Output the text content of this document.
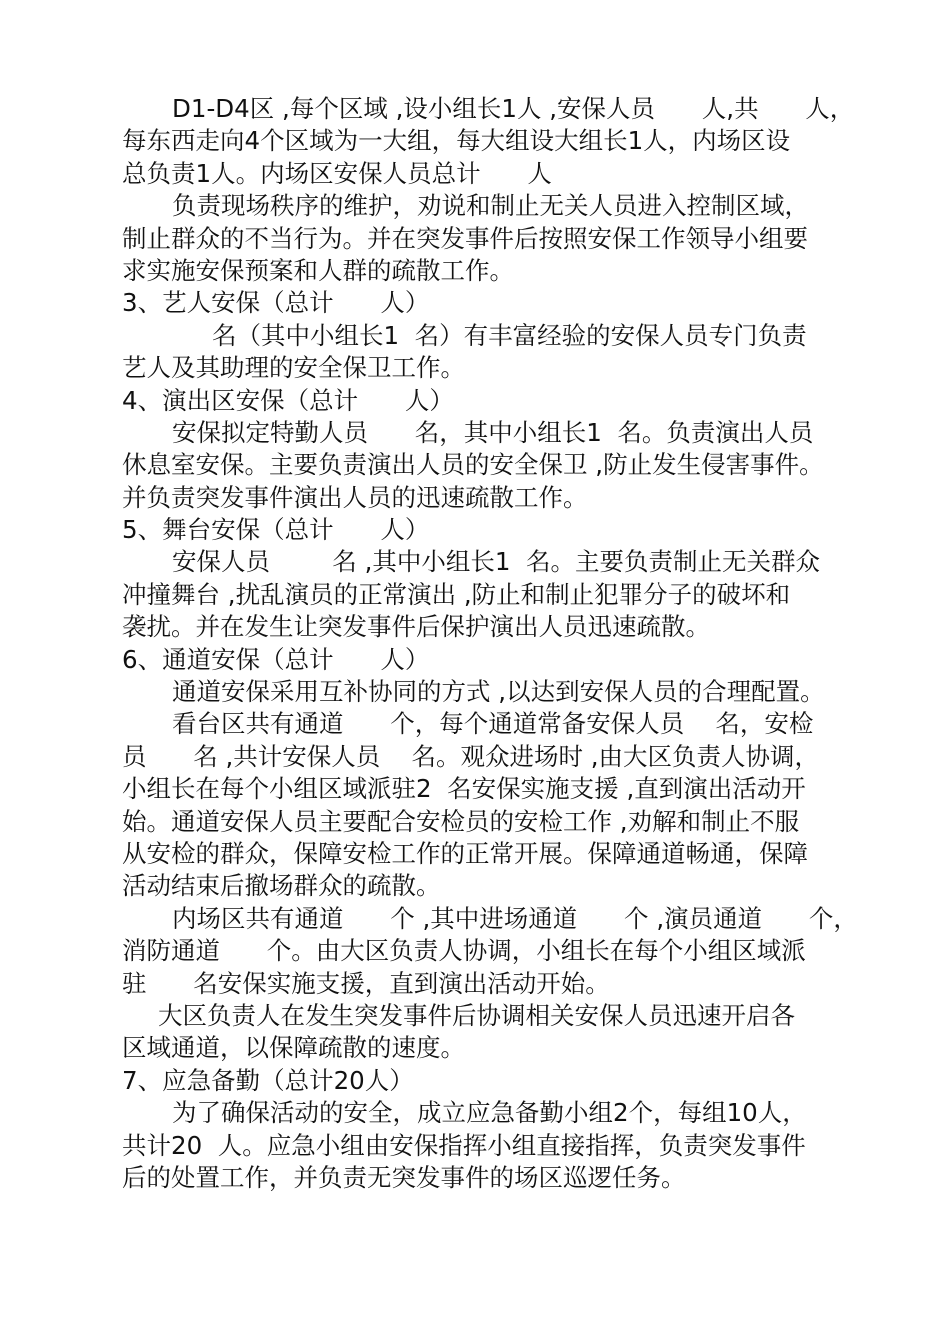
D1-D4区 ,每个区域 ,设小组长1人 ,安保人员      人,共      人，
每东西走向4个区域为一大组，每大组设大组长1人，内场区设
总负责1人。内场区安保人员总计      人
负责现场秩序的维护，劝说和制止无关人员进入控制区域，
制止群众的不当行为。并在突发事件后按照安保工作领导小组要
求实施安保预案和人群的疏散工作。
3、艺人安保（总计      人）
名（其中小组长1  名）有丰富经验的安保人员专门负责
艺人及其助理的安全保卫工作。
4、演出区安保（总计      人）
安保拟定特勤人员      名，其中小组长1  名。负责演出人员
休息室安保。主要负责演出人员的安全保卫 ,防止发生侵害事件。
并负责突发事件演出人员的迅速疏散工作。
5、舞台安保（总计      人）
安保人员        名 ,其中小组长1  名。主要负责制止无关群众
冲撞舞台 ,扰乱演员的正常演出 ,防止和制止犯罪分子的破坏和
袭扰。并在发生让突发事件后保护演出人员迅速疏散。
6、通道安保（总计      人）
通道安保采用互补协同的方式 ,以达到安保人员的合理配置。
看台区共有通道      个，每个通道常备安保人员    名，安检
员      名 ,共计安保人员    名。观众进场时 ,由大区负责人协调，
小组长在每个小组区域派驻2  名安保实施支援 ,直到演出活动开
始。通道安保人员主要配合安检员的安检工作 ,劝解和制止不服
从安检的群众，保障安检工作的正常开展。保障通道畅通，保障
活动结束后撤场群众的疏散。
内场区共有通道      个 ,其中进场通道      个 ,演员通道      个，
消防通道      个。由大区负责人协调，小组长在每个小组区域派
驻      名安保实施支援，直到演出活动开始。
大区负责人在发生突发事件后协调相关安保人员迅速开启各
区域通道，以保障疏散的速度。
7、应急备勤（总计20人）
为了确保活动的安全，成立应急备勤小组2个，每组10人，
共计20  人。应急小组由安保指挥小组直接指挥，负责突发事件
后的处置工作，并负责无突发事件的场区巡逻任务。
